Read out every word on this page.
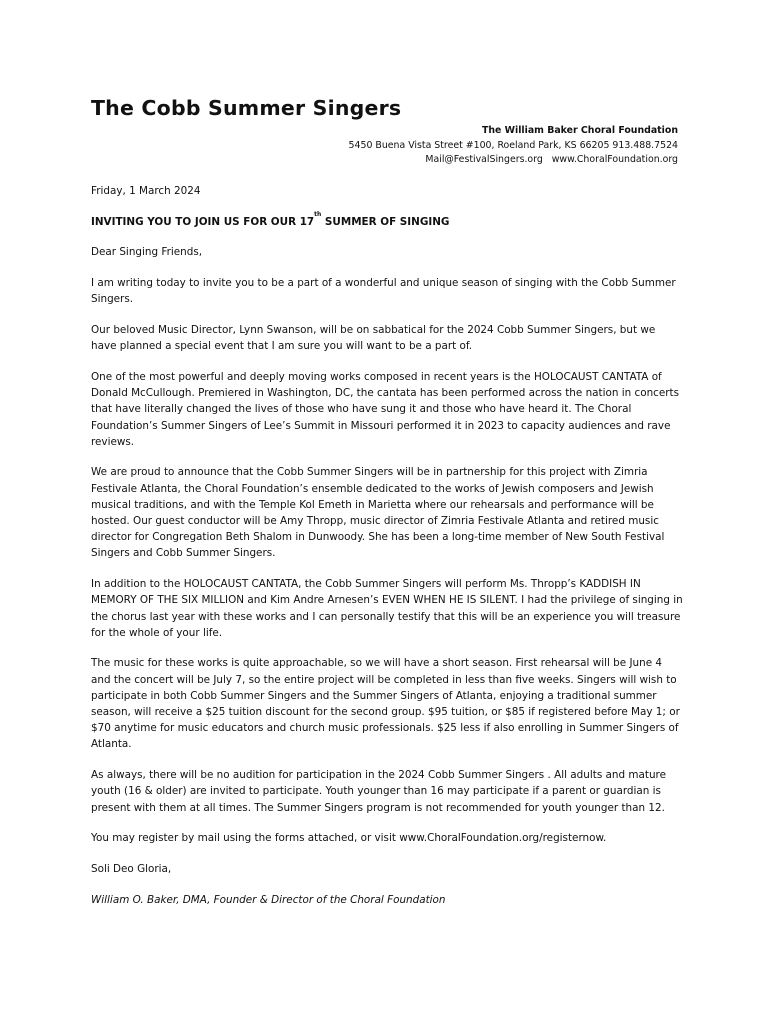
The Cobb Summer Singers
The William Baker Choral Foundation
5450 Buena Vista Street #100, Roeland Park, KS 66205 913.488.7524
Mail@FestivalSingers.org   www.ChoralFoundation.org

Friday, 1 March 2024

INVITING YOU TO JOIN US FOR OUR 17th SUMMER OF SINGING

Dear Singing Friends,

I am writing today to invite you to be a part of a wonderful and unique season of singing with the Cobb Summer Singers.

Our beloved Music Director, Lynn Swanson, will be on sabbatical for the 2024 Cobb Summer Singers, but we have planned a special event that I am sure you will want to be a part of.

One of the most powerful and deeply moving works composed in recent years is the HOLOCAUST CANTATA of Donald McCullough. Premiered in Washington, DC, the cantata has been performed across the nation in concerts that have literally changed the lives of those who have sung it and those who have heard it. The Choral Foundation’s Summer Singers of Lee’s Summit in Missouri performed it in 2023 to capacity audiences and rave reviews.

We are proud to announce that the Cobb Summer Singers will be in partnership for this project with Zimria Festivale Atlanta, the Choral Foundation’s ensemble dedicated to the works of Jewish composers and Jewish musical traditions, and with the Temple Kol Emeth in Marietta where our rehearsals and performance will be hosted. Our guest conductor will be Amy Thropp, music director of Zimria Festivale Atlanta and retired music director for Congregation Beth Shalom in Dunwoody. She has been a long-time member of New South Festival Singers and Cobb Summer Singers.

In addition to the HOLOCAUST CANTATA, the Cobb Summer Singers will perform Ms. Thropp’s KADDISH IN MEMORY OF THE SIX MILLION and Kim Andre Arnesen’s EVEN WHEN HE IS SILENT. I had the privilege of singing in the chorus last year with these works and I can personally testify that this will be an experience you will treasure for the whole of your life.

The music for these works is quite approachable, so we will have a short season. First rehearsal will be June 4 and the concert will be July 7, so the entire project will be completed in less than five weeks. Singers will wish to participate in both Cobb Summer Singers and the Summer Singers of Atlanta, enjoying a traditional summer season, will receive a $25 tuition discount for the second group. $95 tuition, or $85 if registered before May 1; or $70 anytime for music educators and church music professionals. $25 less if also enrolling in Summer Singers of Atlanta.

As always, there will be no audition for participation in the 2024 Cobb Summer Singers . All adults and mature youth (16 & older) are invited to participate. Youth younger than 16 may participate if a parent or guardian is present with them at all times. The Summer Singers program is not recommended for youth younger than 12.

You may register by mail using the forms attached, or visit www.ChoralFoundation.org/registernow.

Soli Deo Gloria,

William O. Baker, DMA, Founder & Director of the Choral Foundation
